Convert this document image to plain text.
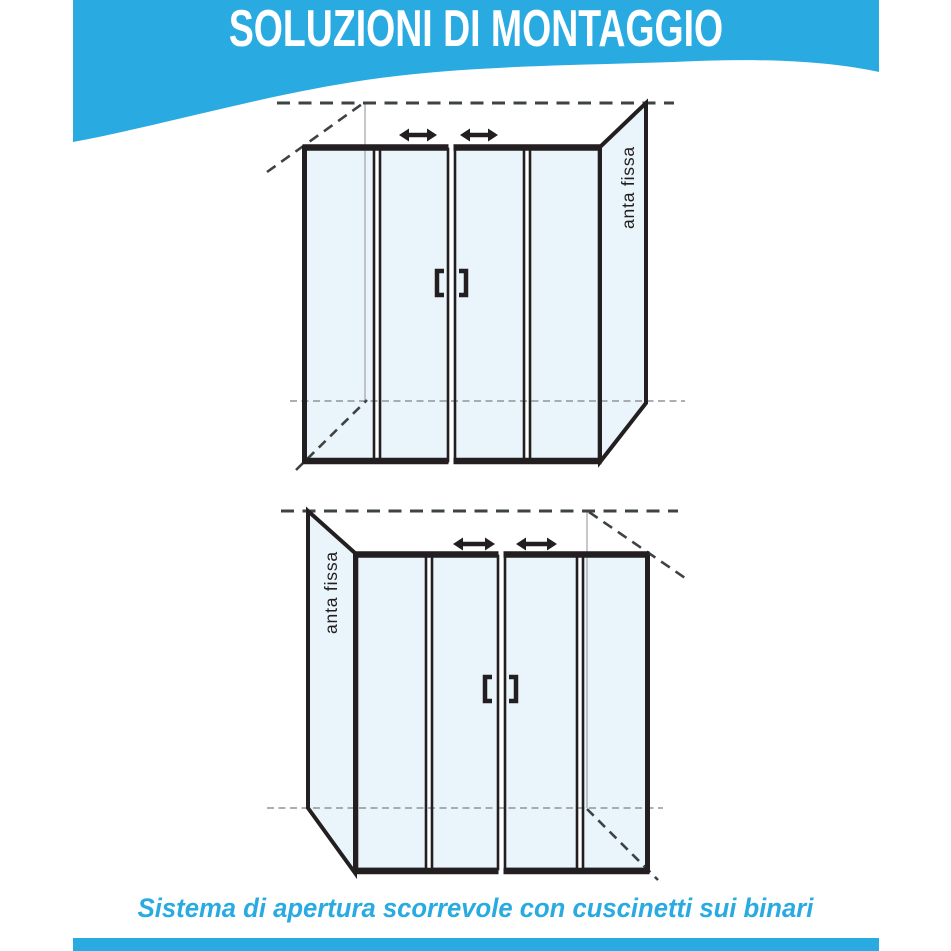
SOLUZIONI DI MONTAGGIO
anta fissa
anta fissa
Sistema di apertura scorrevole con cuscinetti sui binari
